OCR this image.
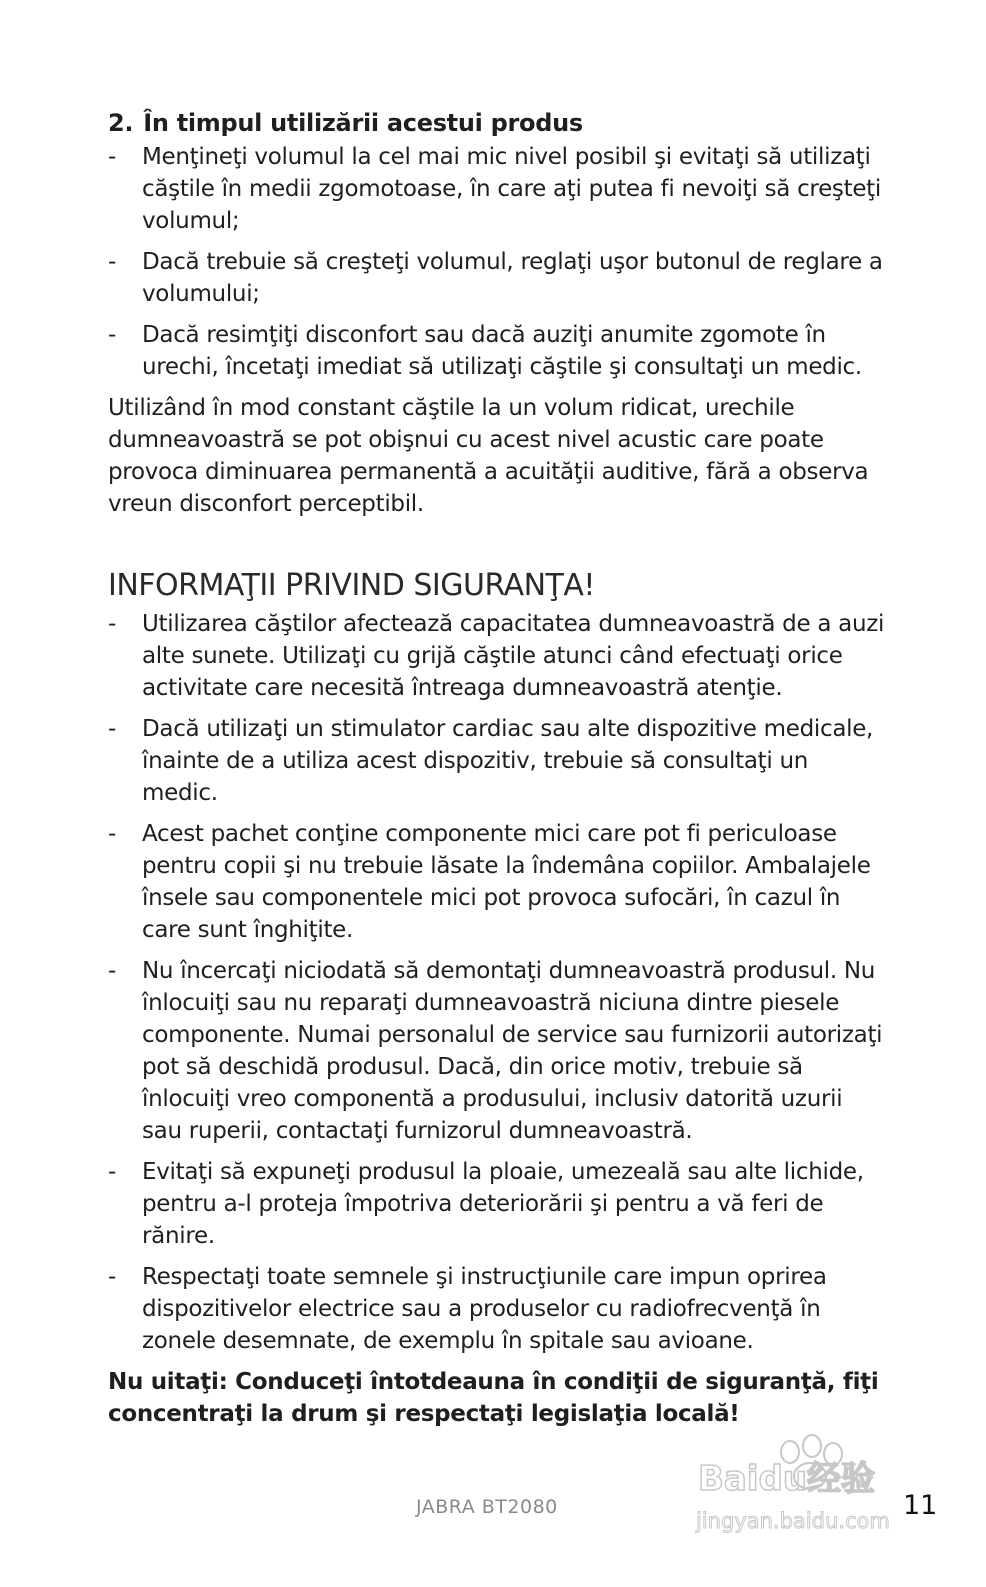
2. În timpul utilizării acestui produs
-	Menţineţi volumul la cel mai mic nivel posibil şi evitaţi să utilizaţi căştile în medii zgomotoase, în care aţi putea fi nevoiţi să creşteţi volumul;
-	Dacă trebuie să creşteţi volumul, reglaţi uşor butonul de reglare a volumului;
-	Dacă resimţiţi disconfort sau dacă auziţi anumite zgomote în urechi, încetaţi imediat să utilizaţi căştile şi consultaţi un medic.

Utilizând în mod constant căştile la un volum ridicat, urechile dumneavoastră se pot obişnui cu acest nivel acustic care poate provoca diminuarea permanentă a acuităţii auditive, fără a observa vreun disconfort perceptibil.

INFORMAŢII PRIVIND SIGURANŢA!
-	Utilizarea căştilor afectează capacitatea dumneavoastră de a auzi alte sunete. Utilizaţi cu grijă căştile atunci când efectuaţi orice activitate care necesită întreaga dumneavoastră atenţie.
-	Dacă utilizaţi un stimulator cardiac sau alte dispozitive medicale, înainte de a utiliza acest dispozitiv, trebuie să consultaţi un medic.
-	Acest pachet conţine componente mici care pot fi periculoase pentru copii şi nu trebuie lăsate la îndemâna copiilor. Ambalajele însele sau componentele mici pot provoca sufocări, în cazul în care sunt înghiţite.
-	Nu încercaţi niciodată să demontaţi dumneavoastră produsul. Nu înlocuiţi sau nu reparaţi dumneavoastră niciuna dintre piesele componente. Numai personalul de service sau furnizorii autorizaţi pot să deschidă produsul. Dacă, din orice motiv, trebuie să înlocuiţi vreo componentă a produsului, inclusiv datorită uzurii sau ruperii, contactaţi furnizorul dumneavoastră.
-	Evitaţi să expuneţi produsul la ploaie, umezeală sau alte lichide, pentru a-l proteja împotriva deteriorării şi pentru a vă feri de rănire.
-	Respectaţi toate semnele şi instrucţiunile care impun oprirea dispozitivelor electrice sau a produselor cu radiofrecvenţă în zonele desemnate, de exemplu în spitale sau avioane.

Nu uitaţi: Conduceţi întotdeauna în condiţii de siguranţă, fiţi concentraţi la drum şi respectaţi legislaţia locală!

JABRA BT2080
Baidu经验
jingyan.baidu.com 11
